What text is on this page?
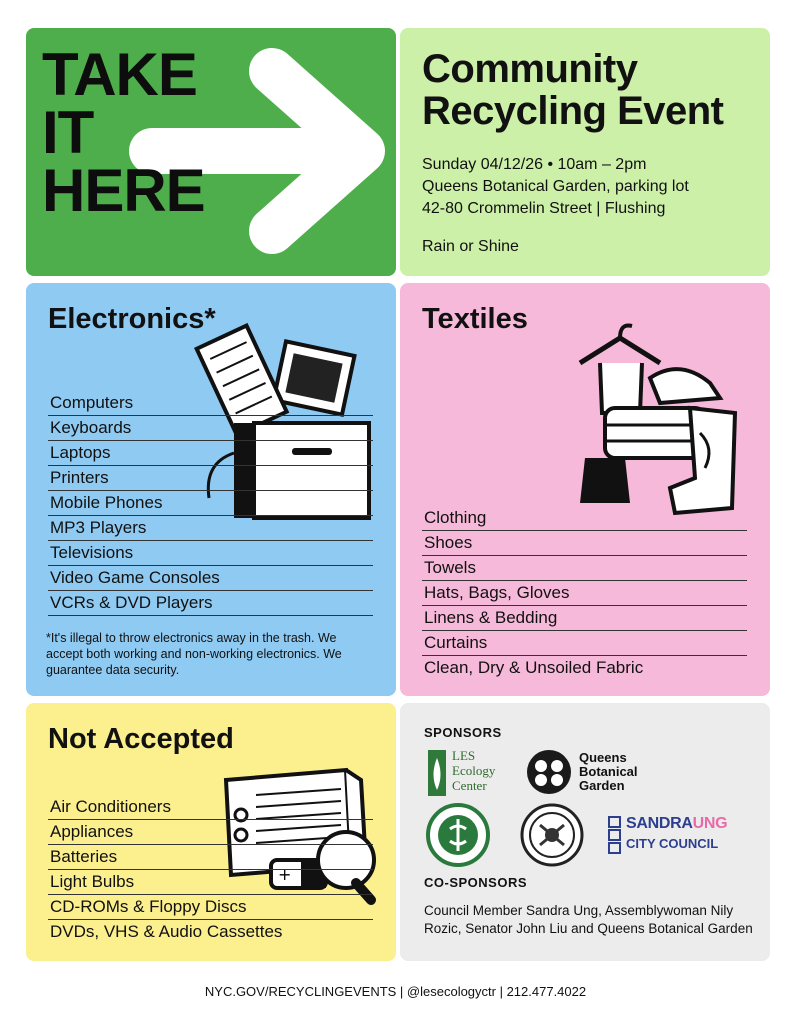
TAKE
IT
HERE
Community
Recycling Event
Sunday 04/12/26 • 10am – 2pm
Queens Botanical Garden, parking lot
42-80 Crommelin Street | Flushing
Rain or Shine
Electronics*
Computers
Keyboards
Laptops
Printers
Mobile Phones
MP3 Players
Televisions
Video Game Consoles
VCRs & DVD Players
*It's illegal to throw electronics away in the trash. We accept both working and non-working electronics. We guarantee data security.
Textiles
Clothing
Shoes
Towels
Hats, Bags, Gloves
Linens & Bedding
Curtains
Clean, Dry & Unsoiled Fabric
Not Accepted
+
Air Conditioners
Appliances
Batteries
Light Bulbs
CD-ROMs & Floppy Discs
DVDs, VHS & Audio Cassettes
SPONSORS
LES
Ecology
Center
Queens
Botanical
Garden
SANDRAUNG
CITY COUNCIL
CO-SPONSORS
Council Member Sandra Ung, Assemblywoman Nily Rozic, Senator John Liu and Queens Botanical Garden
NYC.GOV/RECYCLINGEVENTS | @lesecologyctr | 212.477.4022
